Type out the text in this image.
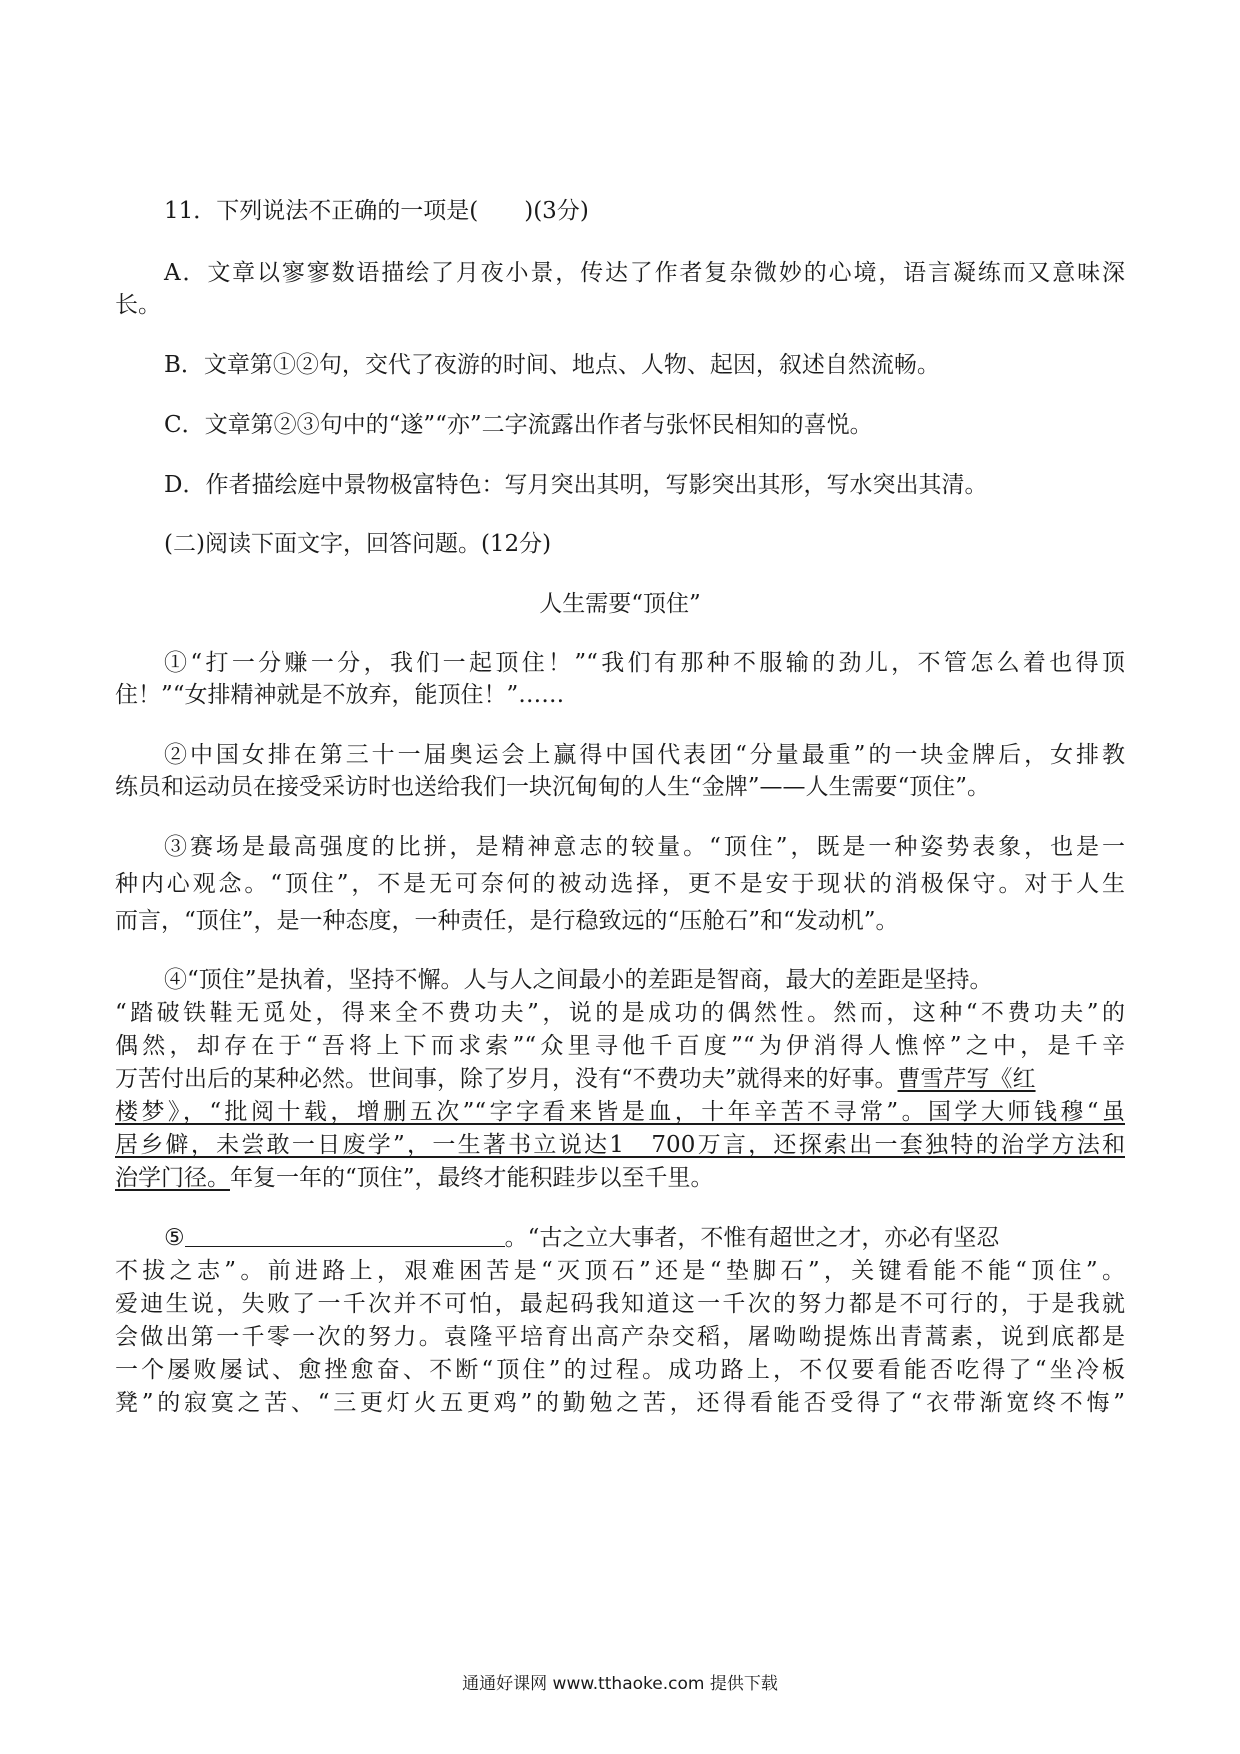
11．下列说法不正确的一项是(　　)(3分)
A．文章以寥寥数语描绘了月夜小景，传达了作者复杂微妙的心境，语言凝练而又意味深
长。
B．文章第①②句，交代了夜游的时间、地点、人物、起因，叙述自然流畅。
C．文章第②③句中的“遂”“亦”二字流露出作者与张怀民相知的喜悦。
D．作者描绘庭中景物极富特色：写月突出其明，写影突出其形，写水突出其清。
(二)阅读下面文字，回答问题。(12分)
人生需要“顶住”
①“打一分赚一分，我们一起顶住！”“我们有那种不服输的劲儿，不管怎么着也得顶
住！”“女排精神就是不放弃，能顶住！”……
②中国女排在第三十一届奥运会上赢得中国代表团“分量最重”的一块金牌后，女排教
练员和运动员在接受采访时也送给我们一块沉甸甸的人生“金牌”——人生需要“顶住”。
③赛场是最高强度的比拼，是精神意志的较量。“顶住”，既是一种姿势表象，也是一
种内心观念。“顶住”，不是无可奈何的被动选择，更不是安于现状的消极保守。对于人生
而言，“顶住”，是一种态度，一种责任，是行稳致远的“压舱石”和“发动机”。
④“顶住”是执着，坚持不懈。人与人之间最小的差距是智商，最大的差距是坚持。
“踏破铁鞋无觅处，得来全不费功夫”，说的是成功的偶然性。然而，这种“不费功夫”的
偶然，却存在于“吾将上下而求索”“众里寻他千百度”“为伊消得人憔悴”之中，是千辛
万苦付出后的某种必然。世间事，除了岁月，没有“不费功夫”就得来的好事。曹雪芹写《红
楼梦》，“批阅十载，增删五次”“字字看来皆是血，十年辛苦不寻常”。国学大师钱穆“虽
居乡僻，未尝敢一日废学”，一生著书立说达1　700万言，还探索出一套独特的治学方法和
治学门径。年复一年的“顶住”，最终才能积跬步以至千里。
⑤	。“古之立大事者，不惟有超世之才，亦必有坚忍
不拔之志”。前进路上，艰难困苦是“灭顶石”还是“垫脚石”，关键看能不能“顶住”。
爱迪生说，失败了一千次并不可怕，最起码我知道这一千次的努力都是不可行的，于是我就
会做出第一千零一次的努力。袁隆平培育出高产杂交稻，屠呦呦提炼出青蒿素，说到底都是
一个屡败屡试、愈挫愈奋、不断“顶住”的过程。成功路上，不仅要看能否吃得了“坐冷板
凳”的寂寞之苦、“三更灯火五更鸡”的勤勉之苦，还得看能否受得了“衣带渐宽终不悔”
通通好课网 www.tthaoke.com 提供下载
